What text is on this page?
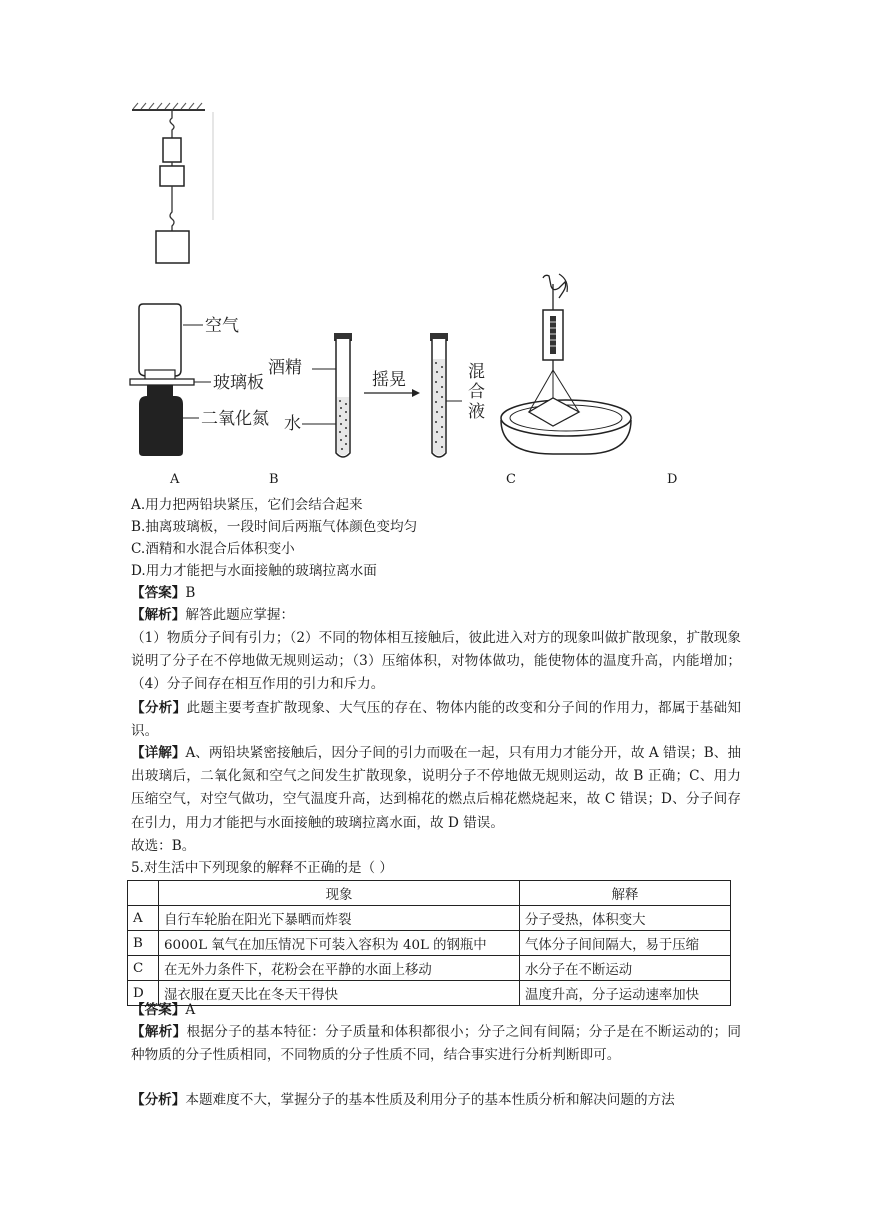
空气
玻璃板
二氧化氮
酒精
水
摇晃	混合液
A	B	C	D
A.用力把两铅块紧压，它们会结合起来
B.抽离玻璃板，一段时间后两瓶气体颜色变均匀
C.酒精和水混合后体积变小
D.用力才能把与水面接触的玻璃拉离水面
【答案】B
【解析】解答此题应掌握：
（1）物质分子间有引力；（2）不同的物体相互接触后，彼此进入对方的现象叫做扩散现象，扩散现象说明了分子在不停地做无规则运动；（3）压缩体积，对物体做功，能使物体的温度升高，内能增加；（4）分子间存在相互作用的引力和斥力。
【分析】此题主要考查扩散现象、大气压的存在、物体内能的改变和分子间的作用力，都属于基础知识。
【详解】A、两铅块紧密接触后，因分子间的引力而吸在一起，只有用力才能分开，故 A 错误；B、抽出玻璃后，二氧化氮和空气之间发生扩散现象，说明分子不停地做无规则运动，故 B 正确；C、用力压缩空气，对空气做功，空气温度升高，达到棉花的燃点后棉花燃烧起来，故 C 错误；D、分子间存在引力，用力才能把与水面接触的玻璃拉离水面，故 D 错误。
故选：B。
5.对生活中下列现象的解释不正确的是（ ）
	现象	解释
A	自行车轮胎在阳光下暴晒而炸裂	分子受热，体积变大
B	6000L 氧气在加压情况下可装入容积为 40L 的钢瓶中	气体分子间间隔大，易于压缩
C	在无外力条件下，花粉会在平静的水面上移动	水分子在不断运动
D	湿衣服在夏天比在冬天干得快	温度升高，分子运动速率加快
【答案】A
【解析】根据分子的基本特征：分子质量和体积都很小；分子之间有间隔；分子是在不断运动的；同种物质的分子性质相同，不同物质的分子性质不同，结合事实进行分析判断即可。
【分析】本题难度不大，掌握分子的基本性质及利用分子的基本性质分析和解决问题的方法
